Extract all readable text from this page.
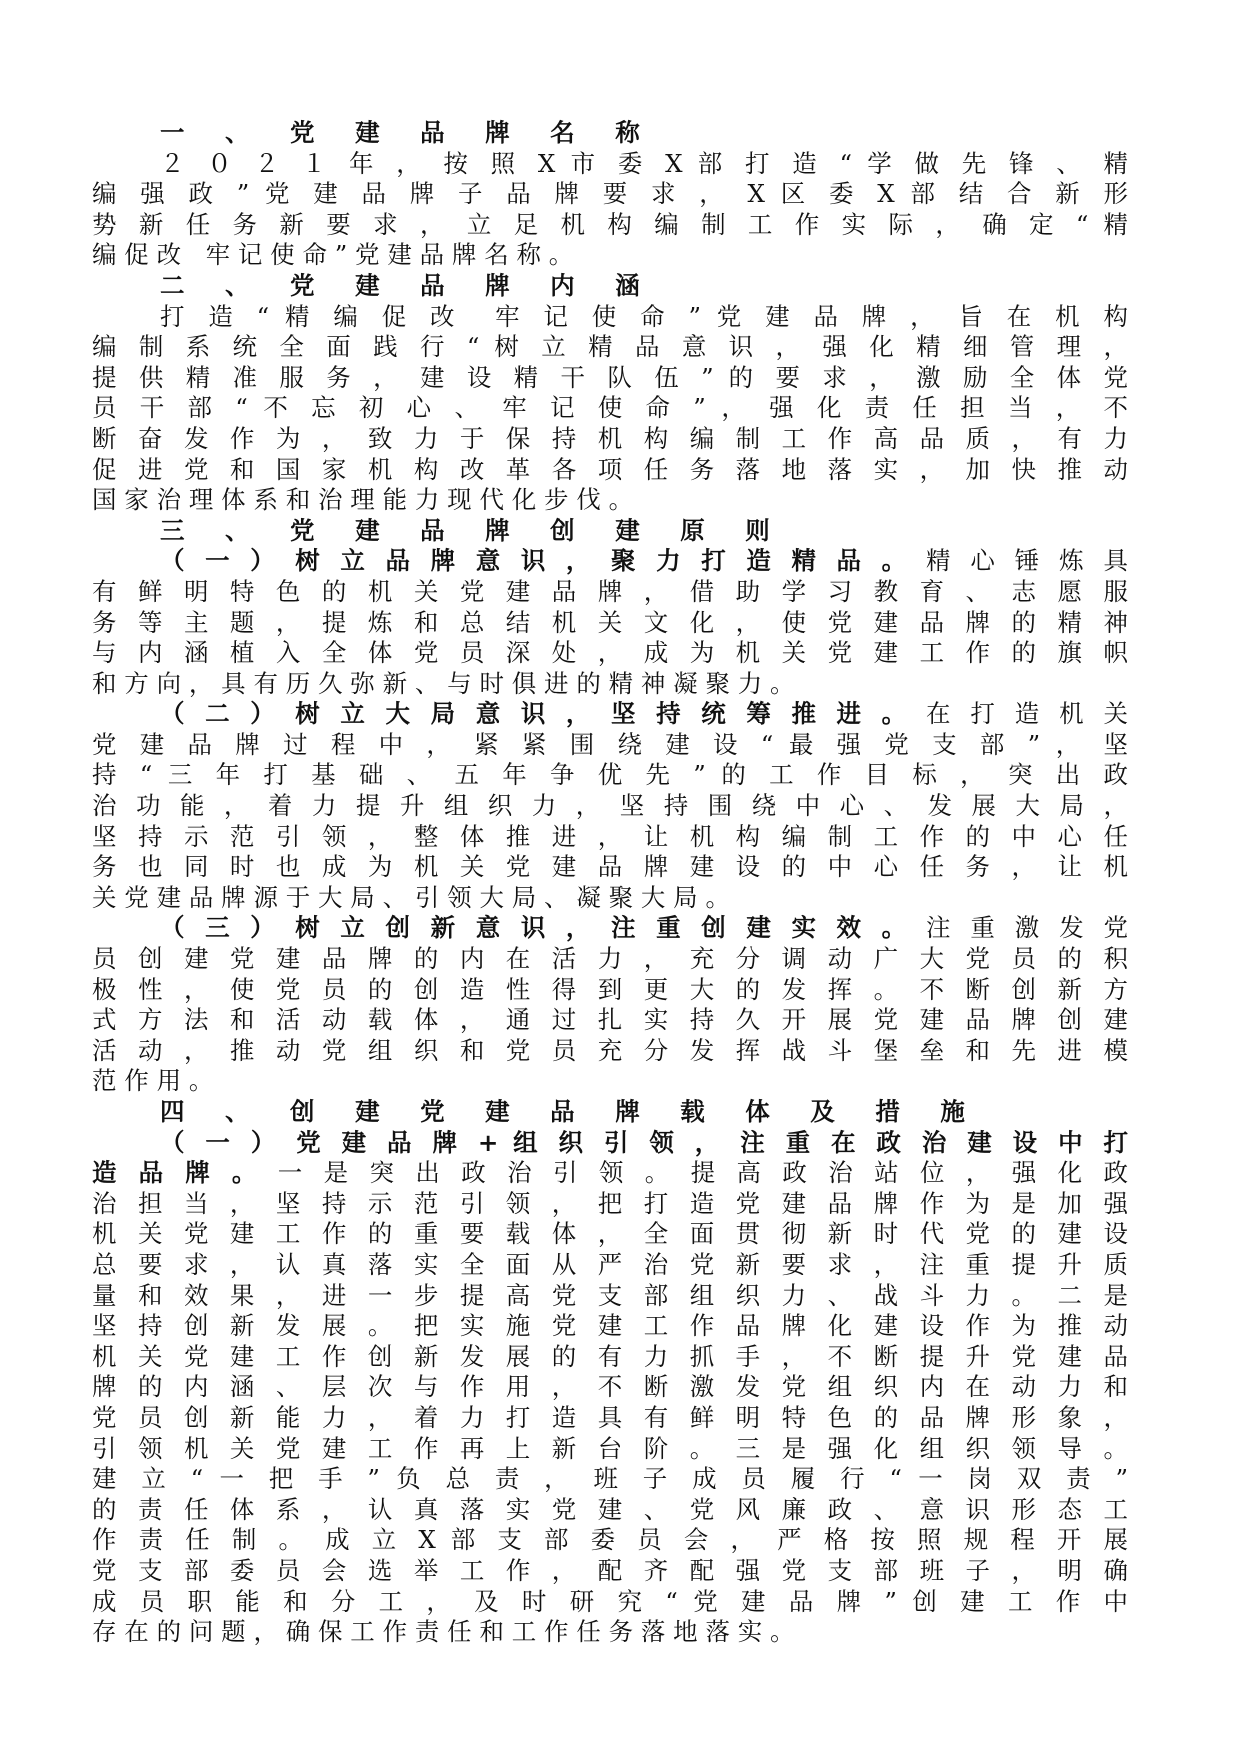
一 、 党 建 品 牌 名 称
２ ０ ２ １ 年 ， 按 照 X 市 委 X 部 打 造 “ 学 做 先 锋 、 精
编 强 政 ” 党 建 品 牌 子 品 牌 要 求 ， X 区 委 X 部 结 合 新 形
势 新 任 务 新 要 求 ， 立 足 机 构 编 制 工 作 实 际 ， 确 定 “ 精
编 促 改　牢 记 使 命 ” 党 建 品 牌 名 称 。
二 、 党 建 品 牌 内 涵
打 造 “ 精 编 促 改　牢 记 使 命 ” 党 建 品 牌 ， 旨 在 机 构
编 制 系 统 全 面 践 行 “ 树 立 精 品 意 识 ， 强 化 精 细 管 理 ，
提 供 精 准 服 务 ， 建 设 精 干 队 伍 ” 的 要 求 ， 激 励 全 体 党
员 干 部 “ 不 忘 初 心 、 牢 记 使 命 ” ， 强 化 责 任 担 当 ， 不
断 奋 发 作 为 ， 致 力 于 保 持 机 构 编 制 工 作 高 品 质 ， 有 力
促 进 党 和 国 家 机 构 改 革 各 项 任 务 落 地 落 实 ， 加 快 推 动
国 家 治 理 体 系 和 治 理 能 力 现 代 化 步 伐 。
三 、 党 建 品 牌 创 建 原 则
（ 一 ） 树 立 品 牌 意 识 ， 聚 力 打 造 精 品 。 精 心 锤 炼 具
有 鲜 明 特 色 的 机 关 党 建 品 牌 ， 借 助 学 习 教 育 、 志 愿 服
务 等 主 题 ， 提 炼 和 总 结 机 关 文 化 ， 使 党 建 品 牌 的 精 神
与 内 涵 植 入 全 体 党 员 深 处 ， 成 为 机 关 党 建 工 作 的 旗 帜
和 方 向 ， 具 有 历 久 弥 新 、 与 时 俱 进 的 精 神 凝 聚 力 。
（ 二 ） 树 立 大 局 意 识 ， 坚 持 统 筹 推 进 。 在 打 造 机 关
党 建 品 牌 过 程 中 ， 紧 紧 围 绕 建 设 “ 最 强 党 支 部 ” ， 坚
持 “ 三 年 打 基 础 、 五 年 争 优 先 ” 的 工 作 目 标 ， 突 出 政
治 功 能 ， 着 力 提 升 组 织 力 ， 坚 持 围 绕 中 心 、 发 展 大 局 ，
坚 持 示 范 引 领 ， 整 体 推 进 ， 让 机 构 编 制 工 作 的 中 心 任
务 也 同 时 也 成 为 机 关 党 建 品 牌 建 设 的 中 心 任 务 ， 让 机
关 党 建 品 牌 源 于 大 局 、 引 领 大 局 、 凝 聚 大 局 。
（ 三 ） 树 立 创 新 意 识 ， 注 重 创 建 实 效 。 注 重 激 发 党
员 创 建 党 建 品 牌 的 内 在 活 力 ， 充 分 调 动 广 大 党 员 的 积
极 性 ， 使 党 员 的 创 造 性 得 到 更 大 的 发 挥 。 不 断 创 新 方
式 方 法 和 活 动 载 体 ， 通 过 扎 实 持 久 开 展 党 建 品 牌 创 建
活 动 ， 推 动 党 组 织 和 党 员 充 分 发 挥 战 斗 堡 垒 和 先 进 模
范 作 用 。
四 、 创 建 党 建 品 牌 载 体 及 措 施
（ 一 ） 党 建 品 牌 + 组 织 引 领 ， 注 重 在 政 治 建 设 中 打
造 品 牌 。 一 是 突 出 政 治 引 领 。 提 高 政 治 站 位 ， 强 化 政
治 担 当 ， 坚 持 示 范 引 领 ， 把 打 造 党 建 品 牌 作 为 是 加 强
机 关 党 建 工 作 的 重 要 载 体 ， 全 面 贯 彻 新 时 代 党 的 建 设
总 要 求 ， 认 真 落 实 全 面 从 严 治 党 新 要 求 ， 注 重 提 升 质
量 和 效 果 ， 进 一 步 提 高 党 支 部 组 织 力 、 战 斗 力 。 二 是
坚 持 创 新 发 展 。 把 实 施 党 建 工 作 品 牌 化 建 设 作 为 推 动
机 关 党 建 工 作 创 新 发 展 的 有 力 抓 手 ， 不 断 提 升 党 建 品
牌 的 内 涵 、 层 次 与 作 用 ， 不 断 激 发 党 组 织 内 在 动 力 和
党 员 创 新 能 力 ， 着 力 打 造 具 有 鲜 明 特 色 的 品 牌 形 象 ，
引 领 机 关 党 建 工 作 再 上 新 台 阶 。 三 是 强 化 组 织 领 导 。
建 立 “ 一 把 手 ” 负 总 责 ， 班 子 成 员 履 行 “ 一 岗 双 责 ”
的 责 任 体 系 ， 认 真 落 实 党 建 、 党 风 廉 政 、 意 识 形 态 工
作 责 任 制 。 成 立 X 部 支 部 委 员 会 ， 严 格 按 照 规 程 开 展
党 支 部 委 员 会 选 举 工 作 ， 配 齐 配 强 党 支 部 班 子 ， 明 确
成 员 职 能 和 分 工 ， 及 时 研 究 “ 党 建 品 牌 ” 创 建 工 作 中
存 在 的 问 题 ， 确 保 工 作 责 任 和 工 作 任 务 落 地 落 实 。
